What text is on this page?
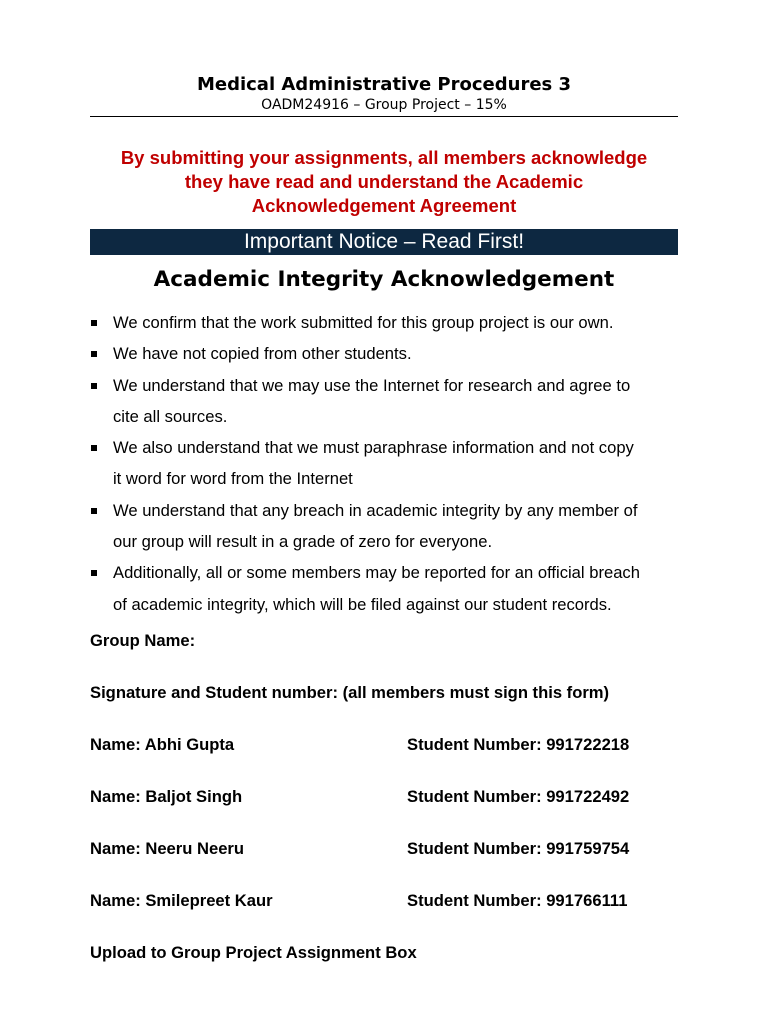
Medical Administrative Procedures 3
OADM24916 – Group Project – 15%
By submitting your assignments, all members acknowledge
they have read and understand the Academic
Acknowledgement Agreement
Important Notice – Read First!
Academic Integrity Acknowledgement
We confirm that the work submitted for this group project is our own.
We have not copied from other students.
We understand that we may use the Internet for research and agree to
cite all sources.
We also understand that we must paraphrase information and not copy
it word for word from the Internet
We understand that any breach in academic integrity by any member of
our group will result in a grade of zero for everyone.
Additionally, all or some members may be reported for an official breach
of academic integrity, which will be filed against our student records.
Group Name:
Signature and Student number: (all members must sign this form)
Name: Abhi Gupta	Student Number: 991722218
Name: Baljot Singh	Student Number: 991722492
Name: Neeru Neeru	Student Number: 991759754
Name: Smilepreet Kaur	Student Number: 991766111
Upload to Group Project Assignment Box
